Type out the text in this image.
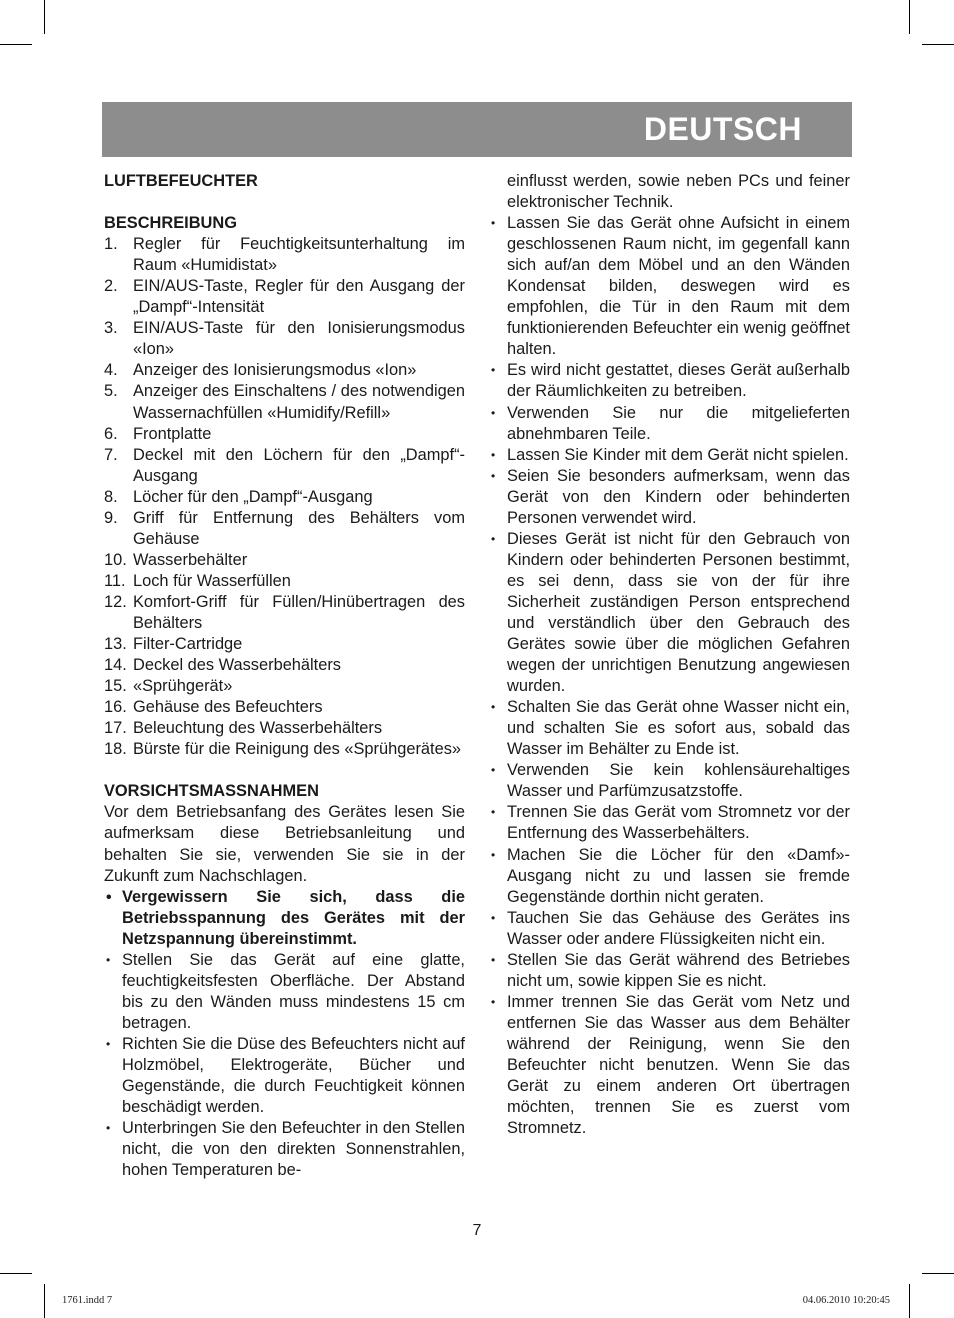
DEUTSCH
LUFTBEFEUCHTER
BESCHREIBUNG
1. Regler für Feuchtigkeitsunterhaltung im Raum «Humidistat»
2. EIN/AUS-Taste, Regler für den Ausgang der „Dampf“-Intensität
3. EIN/AUS-Taste für den Ionisierungsmodus «Ion»
4. Anzeiger des Ionisierungsmodus «Ion»
5. Anzeiger des Einschaltens / des notwendigen Wassernachfüllen «Humidify/Refill»
6. Frontplatte
7. Deckel mit den Löchern für den „Dampf“-Ausgang
8. Löcher für den „Dampf“-Ausgang
9. Griff für Entfernung des Behälters vom Gehäuse
10. Wasserbehälter
11. Loch für Wasserfüllen
12. Komfort-Griff für Füllen/Hinübertragen des Behälters
13. Filter-Cartridge
14. Deckel des Wasserbehälters
15. «Sprühgerät»
16. Gehäuse des Befeuchters
17. Beleuchtung des Wasserbehälters
18. Bürste für die Reinigung des «Sprühgerätes»
VORSICHTSMASSNAHMEN
Vor dem Betriebsanfang des Gerätes lesen Sie aufmerksam diese Betriebsanleitung und behalten Sie sie, verwenden Sie sie in der Zukunft zum Nachschlagen.
• Vergewissern Sie sich, dass die Betriebsspannung des Gerätes mit der Netzspannung übereinstimmt.
• Stellen Sie das Gerät auf eine glatte, feuchtigkeitsfesten Oberfläche. Der Abstand bis zu den Wänden muss mindestens 15 cm betragen.
• Richten Sie die Düse des Befeuchters nicht auf Holzmöbel, Elektrogeräte, Bücher und Gegenstände, die durch Feuchtigkeit können beschädigt werden.
• Unterbringen Sie den Befeuchter in den Stellen nicht, die von den direkten Sonnenstrahlen, hohen Temperaturen be-
einflusst werden, sowie neben PCs und feiner elektronischer Technik.
• Lassen Sie das Gerät ohne Aufsicht in einem geschlossenen Raum nicht, im gegenfall kann sich auf/an dem Möbel und an den Wänden Kondensat bilden, deswegen wird es empfohlen, die Tür in den Raum mit dem funktionierenden Befeuchter ein wenig geöffnet halten.
• Es wird nicht gestattet, dieses Gerät außerhalb der Räumlichkeiten zu betreiben.
• Verwenden Sie nur die mitgelieferten abnehmbaren Teile.
• Lassen Sie Kinder mit dem Gerät nicht spielen.
• Seien Sie besonders aufmerksam, wenn das Gerät von den Kindern oder behinderten Personen verwendet wird.
• Dieses Gerät ist nicht für den Gebrauch von Kindern oder behinderten Personen bestimmt, es sei denn, dass sie von der für ihre Sicherheit zuständigen Person entsprechend und verständlich über den Gebrauch des Gerätes sowie über die möglichen Gefahren wegen der unrichtigen Benutzung angewiesen wurden.
• Schalten Sie das Gerät ohne Wasser nicht ein, und schalten Sie es sofort aus, sobald das Wasser im Behälter zu Ende ist.
• Verwenden Sie kein kohlensäurehaltiges Wasser und Parfümzusatzstoffe.
• Trennen Sie das Gerät vom Stromnetz vor der Entfernung des Wasserbehälters.
• Machen Sie die Löcher für den «Damf»-Ausgang nicht zu und lassen sie fremde Gegenstände dorthin nicht geraten.
• Tauchen Sie das Gehäuse des Gerätes ins Wasser oder andere Flüssigkeiten nicht ein.
• Stellen Sie das Gerät während des Betriebes nicht um, sowie kippen Sie es nicht.
• Immer trennen Sie das Gerät vom Netz und entfernen Sie das Wasser aus dem Behälter während der Reinigung, wenn Sie den Befeuchter nicht benutzen. Wenn Sie das Gerät zu einem anderen Ort übertragen möchten, trennen Sie es zuerst vom Stromnetz.
7
1761.indd 7	04.06.2010 10:20:45
